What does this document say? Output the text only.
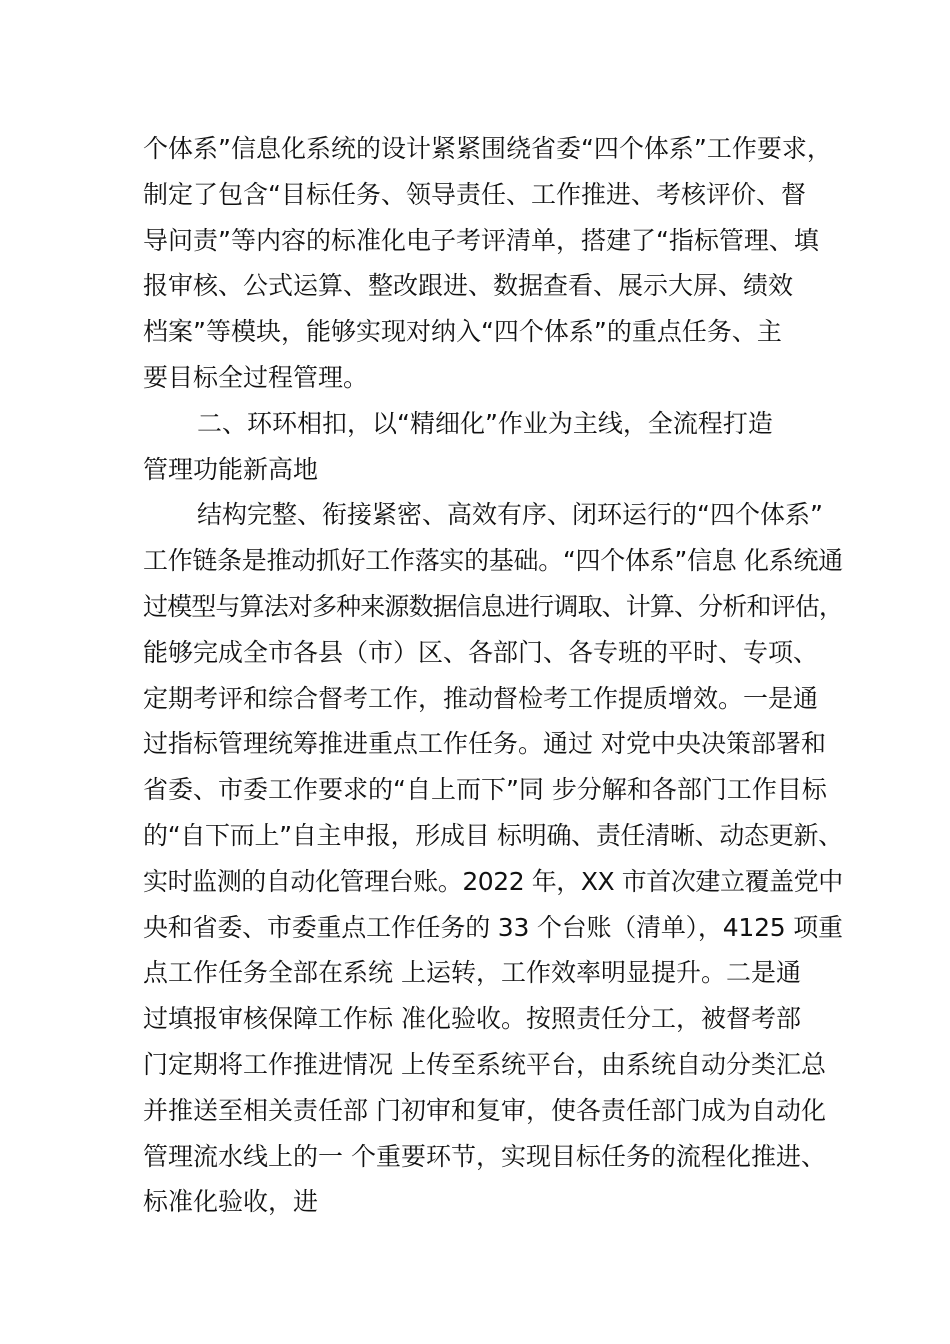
个体系”信息化系统的设计紧紧围绕省委“四个体系”工作要求，
制定了包含“目标任务、领导责任、工作推进、考核评价、督
导问责”等内容的标准化电子考评清单，搭建了“指标管理、填
报审核、公式运算、整改跟进、数据查看、展示大屏、绩效
档案”等模块，能够实现对纳入“四个体系”的重点任务、主
要目标全过程管理。
二、环环相扣，以“精细化”作业为主线，全流程打造
管理功能新高地
结构完整、衔接紧密、高效有序、闭环运行的“四个体系”
工作链条是推动抓好工作落实的基础。“四个体系”信息 化系统通
过模型与算法对多种来源数据信息进行调取、计算、分析和评估，
能够完成全市各县（市）区、各部门、各专班的平时、专项、
定期考评和综合督考工作，推动督检考工作提质增效。一是通
过指标管理统筹推进重点工作任务。通过 对党中央决策部署和
省委、市委工作要求的“自上而下”同 步分解和各部门工作目标
的“自下而上”自主申报，形成目 标明确、责任清晰、动态更新、
实时监测的自动化管理台账。2022 年，XX 市首次建立覆盖党中
央和省委、市委重点工作任务的 33 个台账（清单），4125 项重
点工作任务全部在系统 上运转，工作效率明显提升。二是通
过填报审核保障工作标 准化验收。按照责任分工，被督考部
门定期将工作推进情况 上传至系统平台，由系统自动分类汇总
并推送至相关责任部 门初审和复审，使各责任部门成为自动化
管理流水线上的一 个重要环节，实现目标任务的流程化推进、
标准化验收，进
